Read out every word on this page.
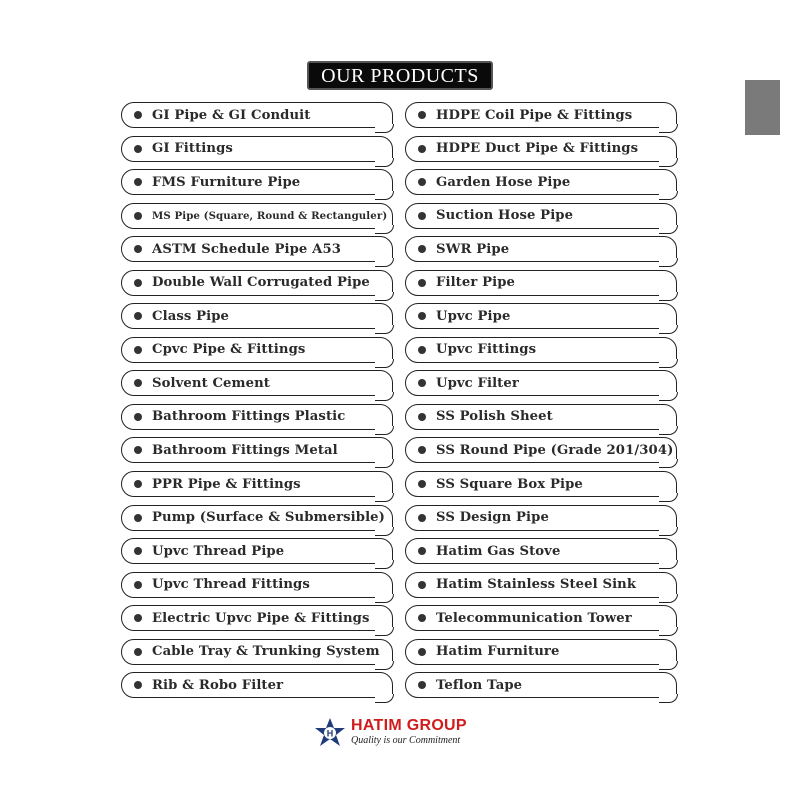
OUR PRODUCTS
GI Pipe & GI Conduit
GI Fittings
FMS Furniture Pipe
MS Pipe (Square, Round & Rectanguler)
ASTM Schedule Pipe A53
Double Wall Corrugated Pipe
Class Pipe
Cpvc Pipe & Fittings
Solvent Cement
Bathroom Fittings Plastic
Bathroom Fittings Metal
PPR Pipe & Fittings
Pump (Surface & Submersible)
Upvc Thread Pipe
Upvc Thread Fittings
Electric Upvc Pipe & Fittings
Cable Tray & Trunking System
Rib & Robo Filter
HDPE Coil Pipe & Fittings
HDPE Duct Pipe & Fittings
Garden Hose Pipe
Suction Hose Pipe
SWR Pipe
Filter Pipe
Upvc Pipe
Upvc Fittings
Upvc Filter
SS Polish Sheet
SS Round Pipe (Grade 201/304)
SS Square Box Pipe
SS Design Pipe
Hatim Gas Stove
Hatim Stainless Steel Sink
Telecommunication Tower
Hatim Furniture
Teflon Tape
H HATIM GROUP
Quality is our Commitment
